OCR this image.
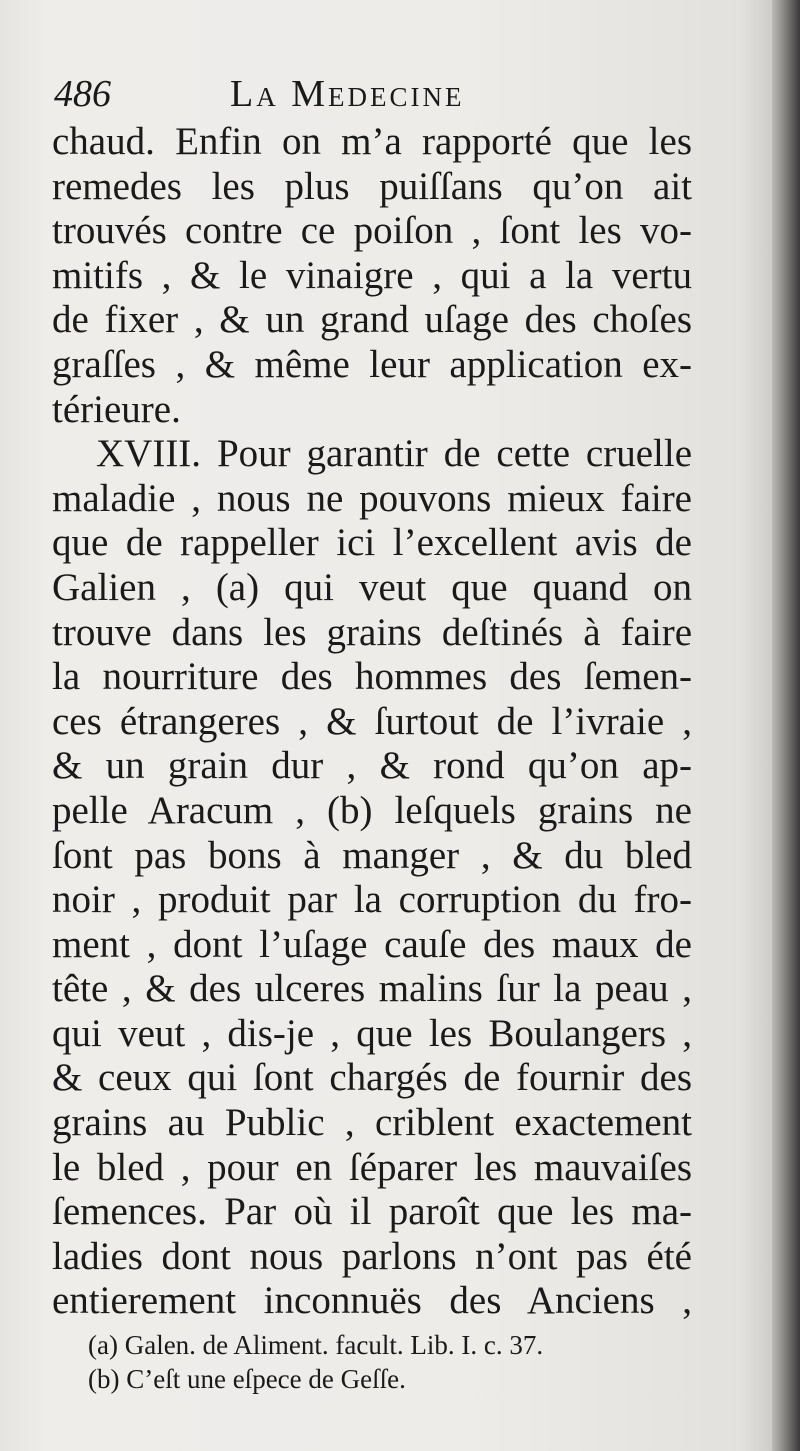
486	La Medecine
chaud. Enfin on m’a rapporté que les
remedes les plus puiſſans qu’on ait
trouvés contre ce poiſon , ſont les vo-
mitifs , & le vinaigre , qui a la vertu
de fixer , & un grand uſage des choſes
graſſes , & même leur application ex-
térieure.
XVIII. Pour garantir de cette cruelle
maladie , nous ne pouvons mieux faire
que de rappeller ici l’excellent avis de
Galien , (a) qui veut que quand on
trouve dans les grains deſtinés à faire
la nourriture des hommes des ſemen-
ces étrangeres , & ſurtout de l’ivraie ,
& un grain dur , & rond qu’on ap-
pelle Aracum , (b) leſquels grains ne
ſont pas bons à manger , & du bled
noir , produit par la corruption du fro-
ment , dont l’uſage cauſe des maux de
tête , & des ulceres malins ſur la peau ,
qui veut , dis-je , que les Boulangers ,
& ceux qui ſont chargés de fournir des
grains au Public , criblent exactement
le bled , pour en ſéparer les mauvaiſes
ſemences. Par où il paroît que les ma-
ladies dont nous parlons n’ont pas été
entierement inconnuës des Anciens ,
(a) Galen. de Aliment. facult. Lib. I. c. 37.
(b) C’eſt une eſpece de Geſſe.
